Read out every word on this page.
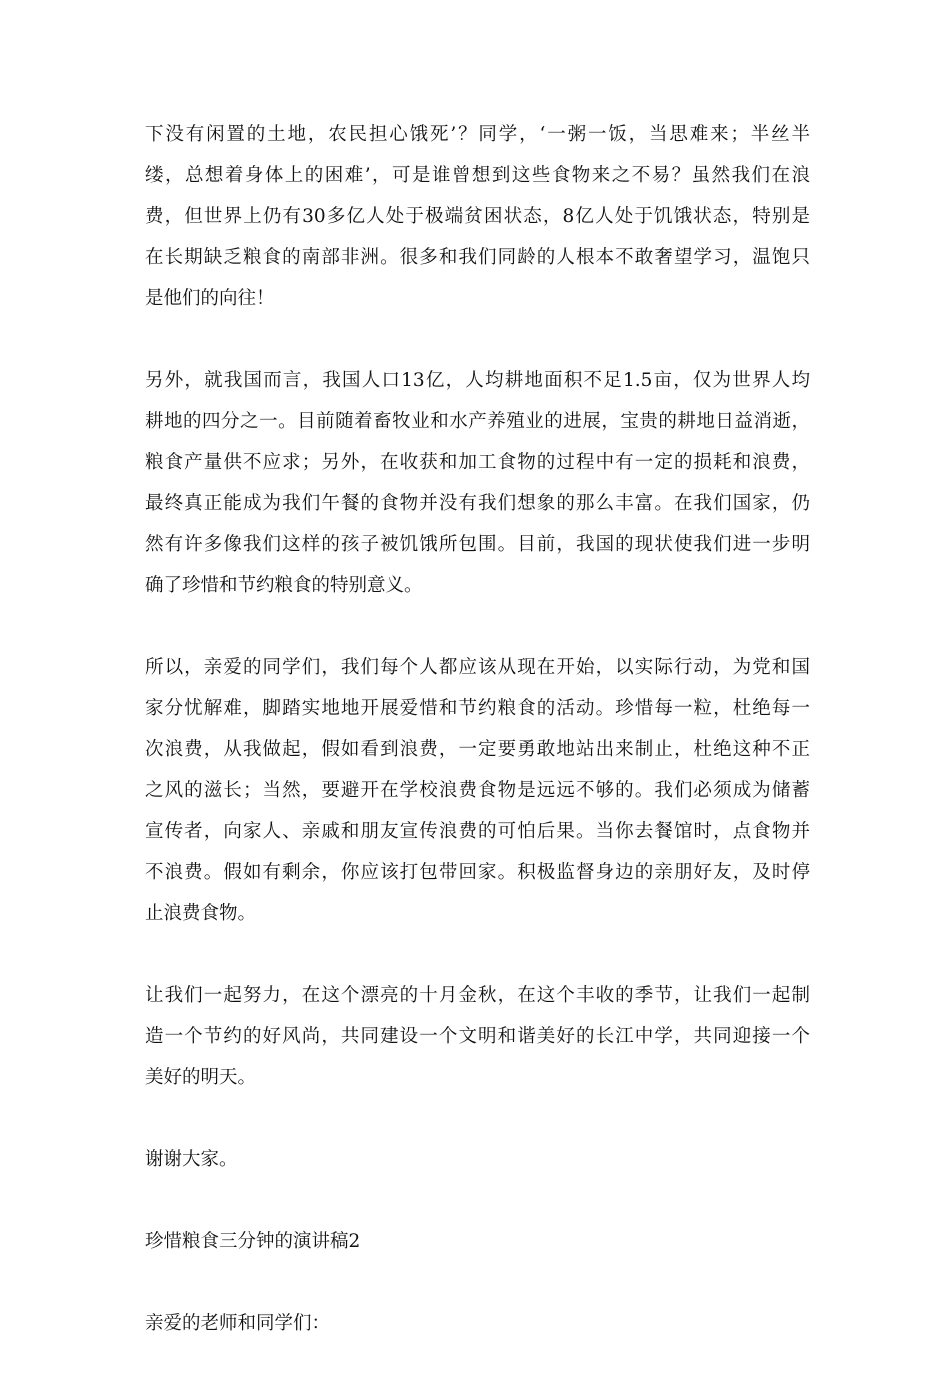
下没有闲置的土地，农民担心饿死’？同学，‘一粥一饭，当思难来；半丝半
缕，总想着身体上的困难’，可是谁曾想到这些食物来之不易？虽然我们在浪
费，但世界上仍有30多亿人处于极端贫困状态，8亿人处于饥饿状态，特别是
在长期缺乏粮食的南部非洲。很多和我们同龄的人根本不敢奢望学习，温饱只
是他们的向往！
另外，就我国而言，我国人口13亿，人均耕地面积不足1.5亩，仅为世界人均
耕地的四分之一。目前随着畜牧业和水产养殖业的进展，宝贵的耕地日益消逝，
粮食产量供不应求；另外，在收获和加工食物的过程中有一定的损耗和浪费，
最终真正能成为我们午餐的食物并没有我们想象的那么丰富。在我们国家，仍
然有许多像我们这样的孩子被饥饿所包围。目前，我国的现状使我们进一步明
确了珍惜和节约粮食的特别意义。
所以，亲爱的同学们，我们每个人都应该从现在开始，以实际行动，为党和国
家分忧解难，脚踏实地地开展爱惜和节约粮食的活动。珍惜每一粒，杜绝每一
次浪费，从我做起，假如看到浪费，一定要勇敢地站出来制止，杜绝这种不正
之风的滋长；当然，要避开在学校浪费食物是远远不够的。我们必须成为储蓄
宣传者，向家人、亲戚和朋友宣传浪费的可怕后果。当你去餐馆时，点食物并
不浪费。假如有剩余，你应该打包带回家。积极监督身边的亲朋好友，及时停
止浪费食物。
让我们一起努力，在这个漂亮的十月金秋，在这个丰收的季节，让我们一起制
造一个节约的好风尚，共同建设一个文明和谐美好的长江中学，共同迎接一个
美好的明天。
谢谢大家。
珍惜粮食三分钟的演讲稿2
亲爱的老师和同学们：
